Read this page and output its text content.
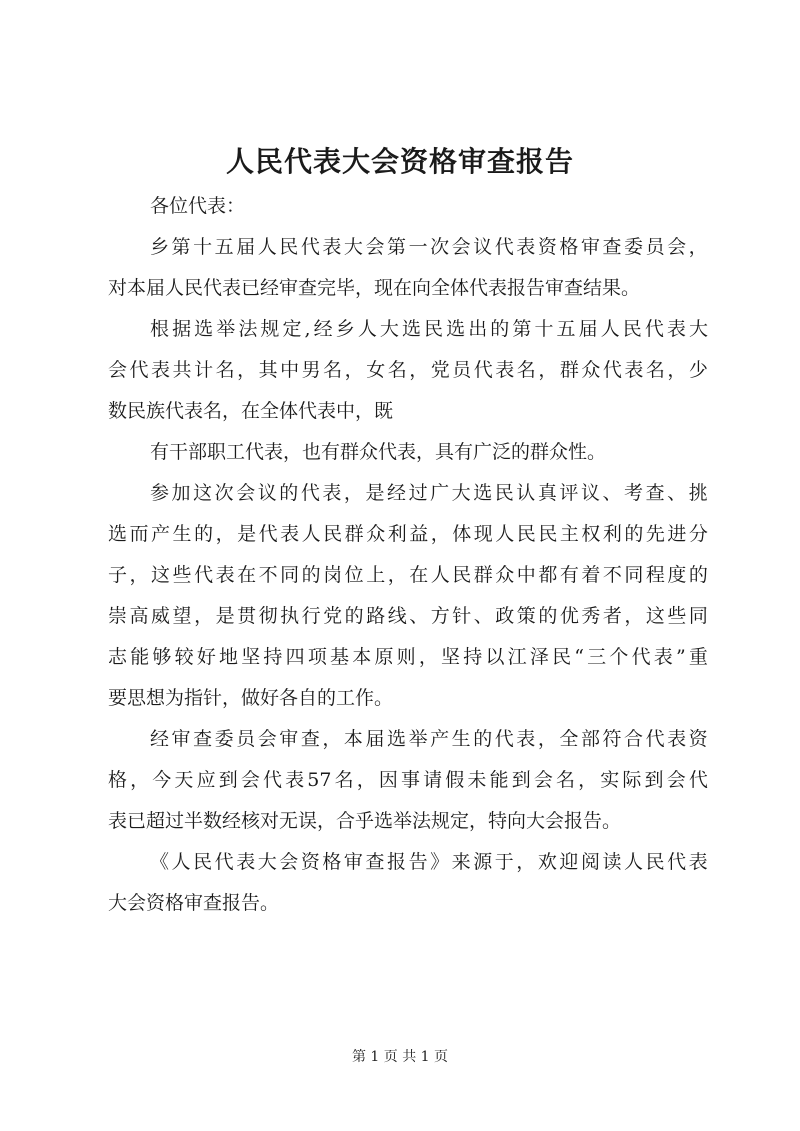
人民代表大会资格审查报告
各位代表：
乡 第 十 五 届 人 民 代 表 大 会 第 一 次 会 议 代 表 资 格 审 查 委 员 会 ，
对本届人民代表已经审查完毕，现在向全体代表报告审查结果。
根 据 选 举 法 规 定 , 经 乡 人 大 选 民 选 出 的 第 十 五 届 人 民 代 表 大
会 代 表 共 计 名 ， 其 中 男 名 ， 女 名 ， 党 员 代 表 名 ， 群 众 代 表 名 ， 少
数民族代表名，在全体代表中，既
有干部职工代表，也有群众代表，具有广泛的群众性。
参 加 这 次 会 议 的 代 表 ， 是 经 过 广 大 选 民 认 真 评 议 、 考 查 、 挑
选 而 产 生 的 ， 是 代 表 人 民 群 众 利 益 ， 体 现 人 民 民 主 权 利 的 先 进 分
子 ， 这 些 代 表 在 不 同 的 岗 位 上 ， 在 人 民 群 众 中 都 有 着 不 同 程 度 的
崇 高 威 望 ， 是 贯 彻 执 行 党 的 路 线 、 方 针 、 政 策 的 优 秀 者 ， 这 些 同
志 能 够 较 好 地 坚 持 四 项 基 本 原 则 ， 坚 持 以 江 泽 民 “ 三 个 代 表 ” 重
要思想为指针，做好各自的工作。
经 审 查 委 员 会 审 查 ， 本 届 选 举 产 生 的 代 表 ， 全 部 符 合 代 表 资
格 ， 今 天 应 到 会 代 表 57 名 ， 因 事 请 假 未 能 到 会 名 ， 实 际 到 会 代
表已超过半数经核对无误，合乎选举法规定，特向大会报告。
《 人 民 代 表 大 会 资 格 审 查 报 告 》 来 源 于 ， 欢 迎 阅 读 人 民 代 表
大会资格审查报告。
第 1 页 共 1 页
